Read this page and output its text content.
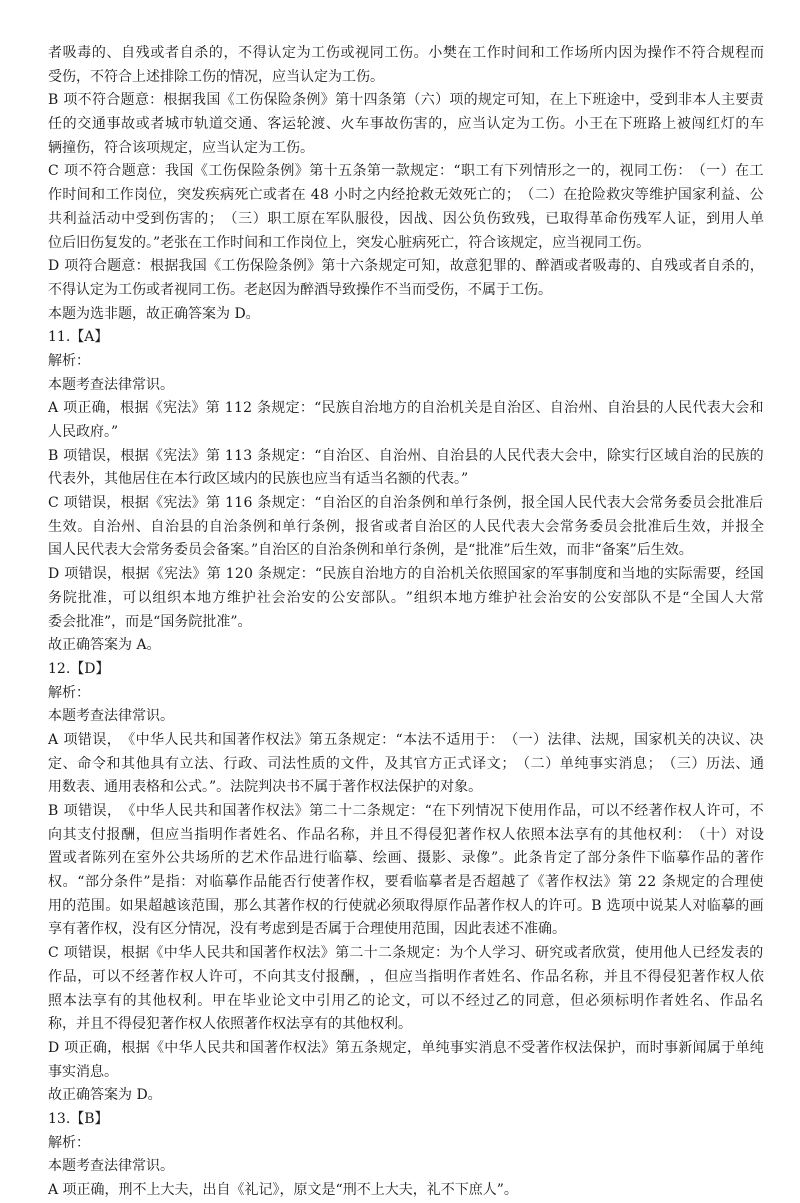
者 吸 毒 的 、 自 残 或 者 自 杀 的 ， 不 得 认 定 为 工 伤 或 视 同 工 伤 。 小 樊 在 工 作 时 间 和 工 作 场 所 内 因 为 操 作 不 符 合 规 程 而
受伤，不符合上述排除工伤的情况，应当认定为工伤。
B
项 不 符 合 题 意 ： 根 据 我 国 《 工 伤 保 险 条 例 》 第 十 四 条 第 （ 六 ） 项 的 规 定 可 知 ， 在 上 下 班 途 中 ， 受 到 非 本 人 主 要 责
任 的 交 通 事 故 或 者 城 市 轨 道 交 通 、 客 运 轮 渡 、 火 车 事 故 伤 害 的 ， 应 当 认 定 为 工 伤 。 小 王 在 下 班 路 上 被 闯 红 灯 的 车
辆撞伤，符合该项规定，应当认定为工伤。
C
项 不 符 合 题 意 ： 我 国 《 工 伤 保 险 条 例 》 第 十 五 条 第 一 款 规 定 ： “ 职 工 有 下 列 情 形 之 一 的 ， 视 同 工 伤 ： （ 一 ） 在 工
作 时 间 和 工 作 岗 位 ， 突 发 疾 病 死 亡 或 者 在
4 8
小 时 之 内 经 抢 救 无 效 死 亡 的 ； （ 二 ） 在 抢 险 救 灾 等 维 护 国 家 利 益 、 公
共 利 益 活 动 中 受 到 伤 害 的 ； （ 三 ） 职 工 原 在 军 队 服 役 ， 因 战 、 因 公 负 伤 致 残 ， 已 取 得 革 命 伤 残 军 人 证 ， 到 用 人 单
位后旧伤复发的。”老张在工作时间和工作岗位上，突发心脏病死亡，符合该规定，应当视同工伤。
D
项 符 合 题 意 ： 根 据 我 国 《 工 伤 保 险 条 例 》 第 十 六 条 规 定 可 知 ， 故 意 犯 罪 的 、 醉 酒 或 者 吸 毒 的 、 自 残 或 者 自 杀 的 ，
不得认定为工伤或者视同工伤。老赵因为醉酒导致操作不当而受伤，不属于工伤。
本题为选非题，故正确答案为 D。
11.【A】
解析：
本题考查法律常识。
A
项 正 确 ， 根 据 《 宪 法 》 第
1 1 2
条 规 定 ： “ 民 族 自 治 地 方 的 自 治 机 关 是 自 治 区 、 自 治 州 、 自 治 县 的 人 民 代 表 大 会 和
人民政府。”
B
项 错 误 ， 根 据 《 宪 法 》 第
1 1 3
条 规 定 ： “ 自 治 区 、 自 治 州 、 自 治 县 的 人 民 代 表 大 会 中 ， 除 实 行 区 域 自 治 的 民 族 的
代表外，其他居住在本行政区域内的民族也应当有适当名额的代表。”
C
项 错 误 ， 根 据 《 宪 法 》 第
1 1 6
条 规 定 ： “ 自 治 区 的 自 治 条 例 和 单 行 条 例 ， 报 全 国 人 民 代 表 大 会 常 务 委 员 会 批 准 后
生 效 。 自 治 州 、 自 治 县 的 自 治 条 例 和 单 行 条 例 ， 报 省 或 者 自 治 区 的 人 民 代 表 大 会 常 务 委 员 会 批 准 后 生 效 ， 并 报 全
国人民代表大会常务委员会备案。”自治区的自治条例和单行条例，是“批准”后生效，而非“备案”后生效。
D
项 错 误 ， 根 据 《 宪 法 》 第
1 2 0
条 规 定 ： “ 民 族 自 治 地 方 的 自 治 机 关 依 照 国 家 的 军 事 制 度 和 当 地 的 实 际 需 要 ， 经 国
务 院 批 准 ， 可 以 组 织 本 地 方 维 护 社 会 治 安 的 公 安 部 队 。 ” 组 织 本 地 方 维 护 社 会 治 安 的 公 安 部 队 不 是 “ 全 国 人 大 常
委会批准”，而是“国务院批准”。
故正确答案为 A。
12.【D】
解析：
本题考查法律常识。
A
项 错 误 ， 《 中 华 人 民 共 和 国 著 作 权 法 》 第 五 条 规 定 ： “ 本 法 不 适 用 于 ： （ 一 ） 法 律 、 法 规 ， 国 家 机 关 的 决 议 、 决
定 、 命 令 和 其 他 具 有 立 法 、 行 政 、 司 法 性 质 的 文 件 ， 及 其 官 方 正 式 译 文 ； （ 二 ） 单 纯 事 实 消 息 ； （ 三 ） 历 法 、 通
用数表、通用表格和公式。”。法院判决书不属于著作权法保护的对象。
B
项 错 误 ， 《 中 华 人 民 共 和 国 著 作 权 法 》 第 二 十 二 条 规 定 ： “ 在 下 列 情 况 下 使 用 作 品 ， 可 以 不 经 著 作 权 人 许 可 ， 不
向 其 支 付 报 酬 ， 但 应 当 指 明 作 者 姓 名 、 作 品 名 称 ， 并 且 不 得 侵 犯 著 作 权 人 依 照 本 法 享 有 的 其 他 权 利 ： （ 十 ） 对 设
置 或 者 陈 列 在 室 外 公 共 场 所 的 艺 术 作 品 进 行 临 摹 、 绘 画 、 摄 影 、 录 像 ” 。 此 条 肯 定 了 部 分 条 件 下 临 摹 作 品 的 著 作
权 。 “ 部 分 条 件 ” 是 指 ： 对 临 摹 作 品 能 否 行 使 著 作 权 ， 要 看 临 摹 者 是 否 超 越 了 《 著 作 权 法 》 第
2 2
条 规 定 的 合 理 使
用 的 范 围 。 如 果 超 越 该 范 围 ， 那 么 其 著 作 权 的 行 使 就 必 须 取 得 原 作 品 著 作 权 人 的 许 可 。 B
选 项 中 说 某 人 对 临 摹 的 画
享有著作权，没有区分情况，没有考虑到是否属于合理使用范围，因此表述不准确。
C
项 错 误 ， 根 据 《 中 华 人 民 共 和 国 著 作 权 法 》 第 二 十 二 条 规 定 ： 为 个 人 学 习 、 研 究 或 者 欣 赏 ， 使 用 他 人 已 经 发 表 的
作 品 ， 可 以 不 经 著 作 权 人 许 可 ， 不 向 其 支 付 报 酬 ， ， 但 应 当 指 明 作 者 姓 名 、 作 品 名 称 ， 并 且 不 得 侵 犯 著 作 权 人 依
照 本 法 享 有 的 其 他 权 利 。 甲 在 毕 业 论 文 中 引 用 乙 的 论 文 ， 可 以 不 经 过 乙 的 同 意 ， 但 必 须 标 明 作 者 姓 名 、 作 品 名
称，并且不得侵犯著作权人依照著作权法享有的其他权利。
D
项 正 确 ， 根 据 《 中 华 人 民 共 和 国 著 作 权 法 》 第 五 条 规 定 ， 单 纯 事 实 消 息 不 受 著 作 权 法 保 护 ， 而 时 事 新 闻 属 于 单 纯
事实消息。
故正确答案为 D。
13.【B】
解析：
本题考查法律常识。
A 项正确，刑不上大夫，出自《礼记》，原文是“刑不上大夫，礼不下庶人”。
